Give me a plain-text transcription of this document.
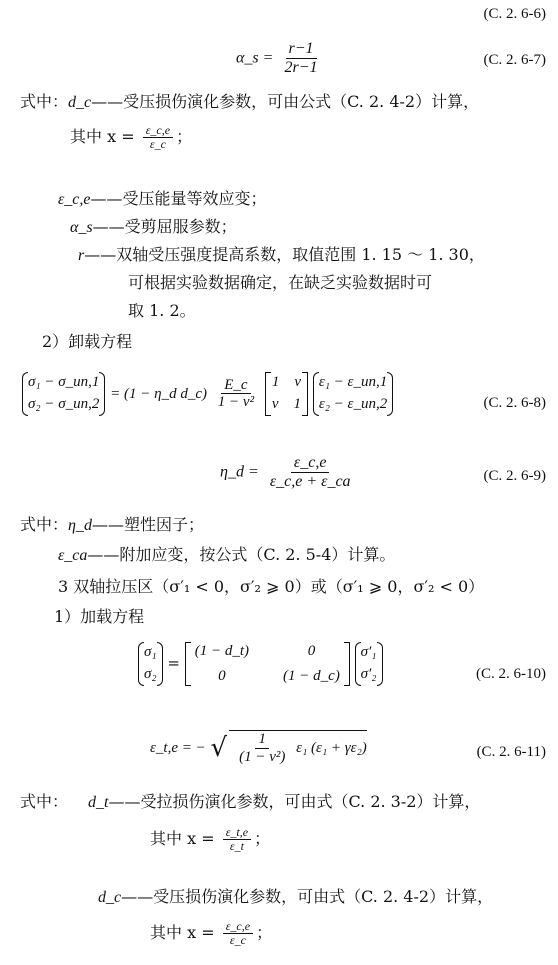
(C. 2. 6-6)
α_s = $\frac{r-1}{2r-1}$	(C. 2. 6-7)
式中：d_c——受压损伤演化参数，可由公式（C. 2. 4-2）计算，
其中 $x = \frac{\varepsilon\_c,e}{\varepsilon\_c}$ ；
ε_c,e——受压能量等效应变；
α_s——受剪屈服参数；
r——双轴受压强度提高系数，取值范围 1. 15 ～ 1. 30，
可根据实验数据确定，在缺乏实验数据时可
取 1. 2。
2）卸载方程
σ₁ − σ_un,1
σ₂ − σ_un,2
= (1 − η_d d_c) $\frac{E\_c}{\text{1 − ν²}}$
1    ν
ν    1

ε₁ − ε_un,1
ε₂ − ε_un,2	(C. 2. 6-8)
η_d = $\frac{\varepsilon\_c,e}{\varepsilon\_c,e + \varepsilon\_ca}$	(C. 2. 6-9)
式中：η_d——塑性因子；
ε_ca——附加应变，按公式（C. 2. 5-4）计算。
3 双轴拉压区（σ′₁ < 0，σ′₂ ⩾ 0）或（σ′₁ ⩾ 0，σ′₂ < 0）
1）加载方程
σ₁
σ₂
=
(1 − d_t)	0
0	(1 − d_c)

σ′₁
σ′₂	(C. 2. 6-10)
ε_t,e = − √ $\frac{1}{\text{(1 − ν²)}} \varepsilon_1$ (ε₁ + γε₂)	(C. 2. 6-11)
式中： d_t——受拉损伤演化参数，可由式（C. 2. 3-2）计算，
其中 $x = \frac{\varepsilon\_t,e}{\varepsilon\_t}$ ；
d_c——受压损伤演化参数，可由式（C. 2. 4-2）计算，
其中 $x = \frac{\varepsilon\_c,e}{\varepsilon\_c}$ ；
